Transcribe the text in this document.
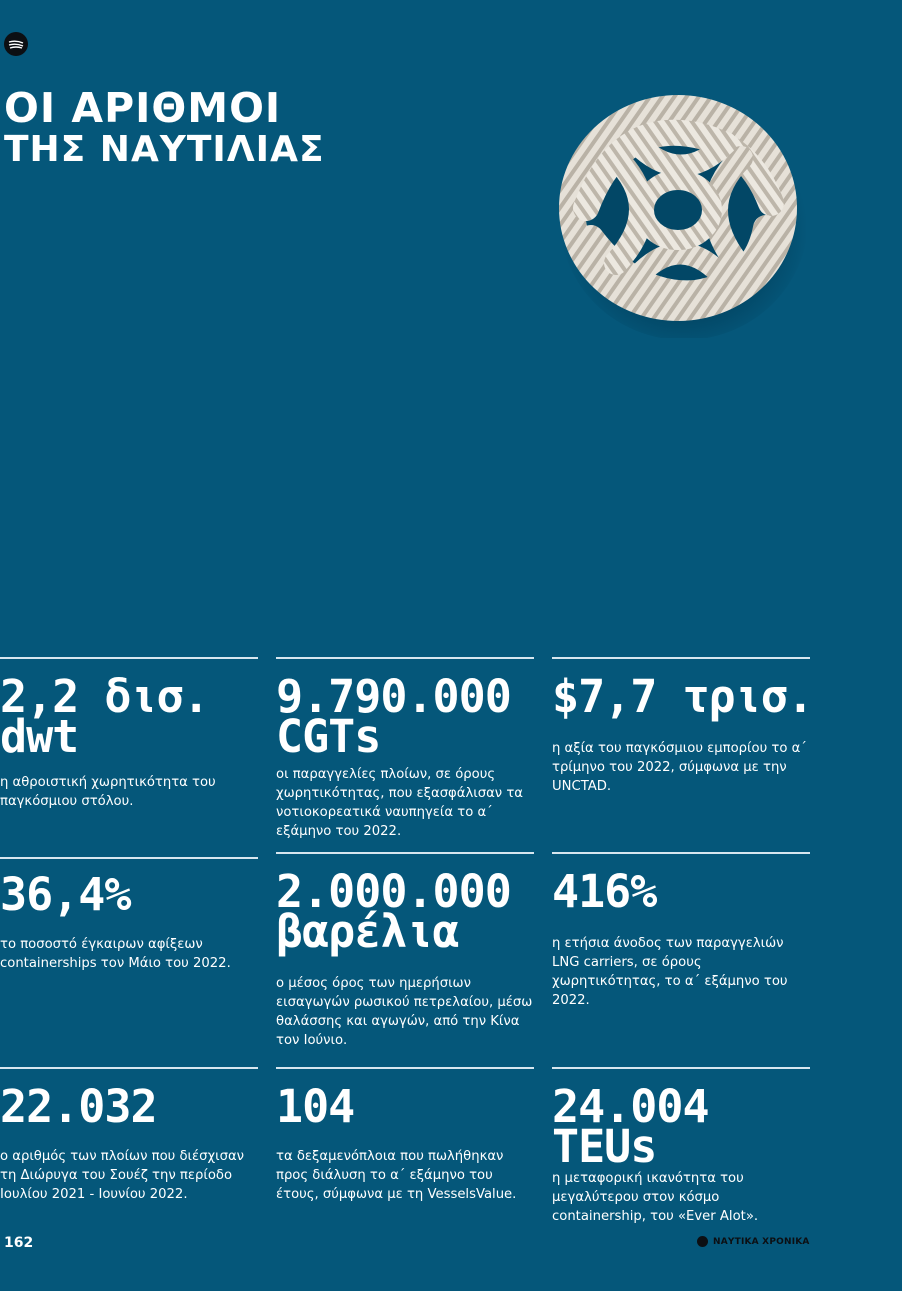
ΟΙ ΑΡΙΘΜΟΙ
ΤΗΣ ΝΑΥΤΙΛΙΑΣ

2,2 δισ.
dwt

η αθροιστική χωρητικότητα του παγκόσμιου στόλου.

9.790.000
CGTs

οι παραγγελίες πλοίων, σε όρους χωρητικότητας, που εξασφάλισαν τα νοτιοκορεατικά ναυπηγεία το α΄ εξάμηνο του 2022.

$7,7 τρισ.

η αξία του παγκόσμιου εμπορίου το α΄ τρίμηνο του 2022, σύμφωνα με την UNCTAD.

36,4%

το ποσοστό έγκαιρων αφίξεων containerships τον Μάιο του 2022.

2.000.000
βαρέλια

ο μέσος όρος των ημερήσιων εισαγωγών ρωσικού πετρελαίου, μέσω θαλάσσης και αγωγών, από την Κίνα τον Ιούνιο.

416%

η ετήσια άνοδος των παραγγελιών LNG carriers, σε όρους χωρητικότητας, το α΄ εξάμηνο του 2022.

22.032

ο αριθμός των πλοίων που διέσχισαν τη Διώρυγα του Σουέζ την περίοδο Ιουλίου 2021 - Ιουνίου 2022.

104

τα δεξαμενόπλοια που πωλήθηκαν προς διάλυση το α΄ εξάμηνο του έτους, σύμφωνα με τη VesselsValue.

24.004
TEUs

η μεταφορική ικανότητα του μεγαλύτερου στον κόσμο containership, του «Ever Alot».

162	ΝΑΥΤΙΚΑ ΧΡΟΝΙΚΑ
